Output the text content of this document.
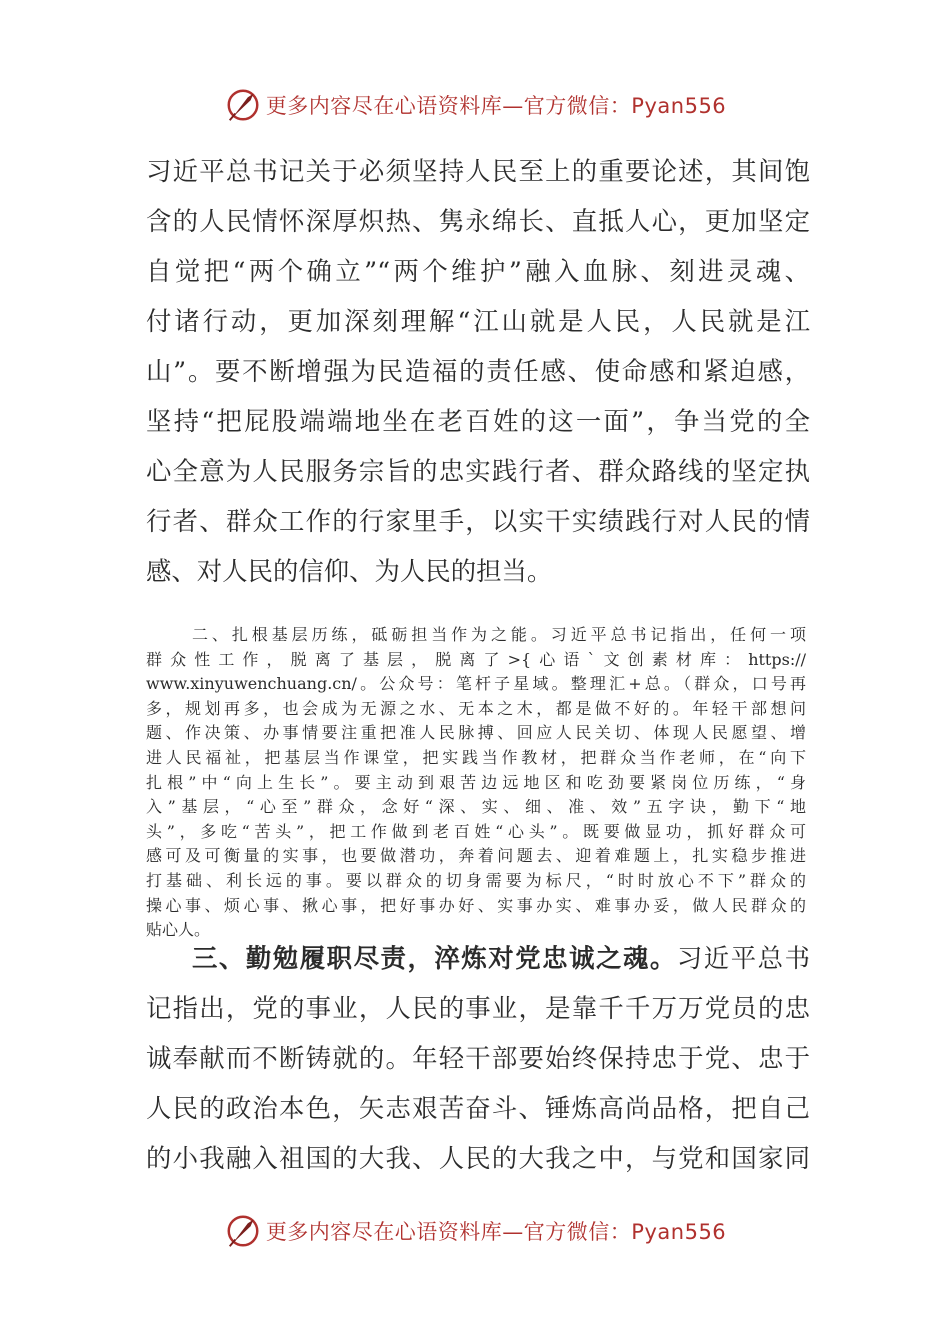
更多内容尽在心语资料库—官方微信：Pyan556
习近平总书记关于必须坚持人民至上的重要论述，其间饱
含的人民情怀深厚炽热、隽永绵长、直抵人心，更加坚定
自觉把“两个确立”“两个维护”融入血脉、刻进灵魂、
付诸行动，更加深刻理解“江山就是人民，人民就是江
山”。要不断增强为民造福的责任感、使命感和紧迫感，
坚持“把屁股端端地坐在老百姓的这一面”，争当党的全
心全意为人民服务宗旨的忠实践行者、群众路线的坚定执
行者、群众工作的行家里手，以实干实绩践行对人民的情
感、对人民的信仰、为人民的担当。
二、扎根基层历练，砥砺担当作为之能。习近平总书记指出，任何一项
群众性工作，脱离了基层，脱离了>{心语`文创素材库：https://
www.xinyuwenchuang.cn/。公众号：笔杆子星域。整理汇+总。（群众，口号再
多，规划再多，也会成为无源之水、无本之木，都是做不好的。年轻干部想问
题、作决策、办事情要注重把准人民脉搏、回应人民关切、体现人民愿望、增
进人民福祉，把基层当作课堂，把实践当作教材，把群众当作老师，在“向下
扎根”中“向上生长”。要主动到艰苦边远地区和吃劲要紧岗位历练，“身
入”基层，“心至”群众，念好“深、实、细、准、效”五字诀，勤下“地
头”，多吃“苦头”，把工作做到老百姓“心头”。既要做显功，抓好群众可
感可及可衡量的实事，也要做潜功，奔着问题去、迎着难题上，扎实稳步推进
打基础、利长远的事。要以群众的切身需要为标尺，“时时放心不下”群众的
操心事、烦心事、揪心事，把好事办好、实事办实、难事办妥，做人民群众的
贴心人。
三、勤勉履职尽责，淬炼对党忠诚之魂。习近平总书
记指出，党的事业，人民的事业，是靠千千万万党员的忠
诚奉献而不断铸就的。年轻干部要始终保持忠于党、忠于
人民的政治本色，矢志艰苦奋斗、锤炼高尚品格，把自己
的小我融入祖国的大我、人民的大我之中，与党和国家同
更多内容尽在心语资料库—官方微信：Pyan556
